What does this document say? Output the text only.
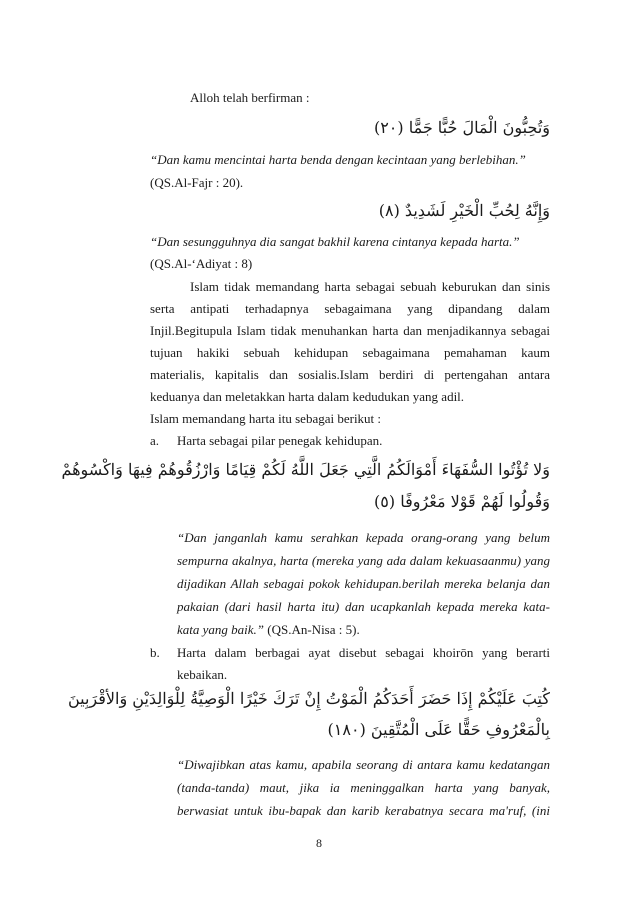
Alloh telah berfirman :
وَتُحِبُّونَ الْمَالَ حُبًّا جَمًّا (٢٠)
“Dan kamu mencintai harta benda dengan kecintaan yang berlebihan.”
(QS.Al-Fajr : 20).
وَإِنَّهُ لِحُبِّ الْخَيْرِ لَشَدِيدٌ (٨)
“Dan sesungguhnya dia sangat bakhil karena cintanya kepada harta.”
(QS.Al-‘Adiyat : 8)
Islam tidak memandang harta sebagai sebuah keburukan dan sinis
serta antipati terhadapnya sebagaimana yang dipandang dalam
Injil.Begitupula Islam tidak menuhankan harta dan menjadikannya sebagai
tujuan hakiki sebuah kehidupan sebagaimana pemahaman kaum
materialis, kapitalis dan sosialis.Islam berdiri di pertengahan antara
keduanya dan meletakkan harta dalam kedudukan yang adil.
Islam memandang harta itu sebagai berikut :
a.	Harta sebagai pilar penegak kehidupan.
وَلا تُؤْتُوا السُّفَهَاءَ أَمْوَالَكُمُ الَّتِي جَعَلَ اللَّهُ لَكُمْ قِيَامًا وَارْزُقُوهُمْ فِيهَا وَاكْسُوهُمْ
وَقُولُوا لَهُمْ قَوْلا مَعْرُوفًا (٥)
“Dan janganlah kamu serahkan kepada orang-orang yang belum
sempurna akalnya, harta (mereka yang ada dalam kekuasaanmu) yang
dijadikan Allah sebagai pokok kehidupan.berilah mereka belanja dan
pakaian (dari hasil harta itu) dan ucapkanlah kepada mereka kata-
kata yang baik.” (QS.An-Nisa : 5).
b.	Harta dalam berbagai ayat disebut sebagai khoirōn yang berarti
kebaikan.
كُتِبَ عَلَيْكُمْ إِذَا حَضَرَ أَحَدَكُمُ الْمَوْتُ إِنْ تَرَكَ خَيْرًا الْوَصِيَّةُ لِلْوَالِدَيْنِ وَالأقْرَبِينَ
بِالْمَعْرُوفِ حَقًّا عَلَى الْمُتَّقِينَ (١٨٠)
“Diwajibkan atas kamu, apabila seorang di antara kamu kedatangan
(tanda-tanda) maut, jika ia meninggalkan harta yang banyak,
berwasiat untuk ibu-bapak dan karib kerabatnya secara ma'ruf, (ini
8
